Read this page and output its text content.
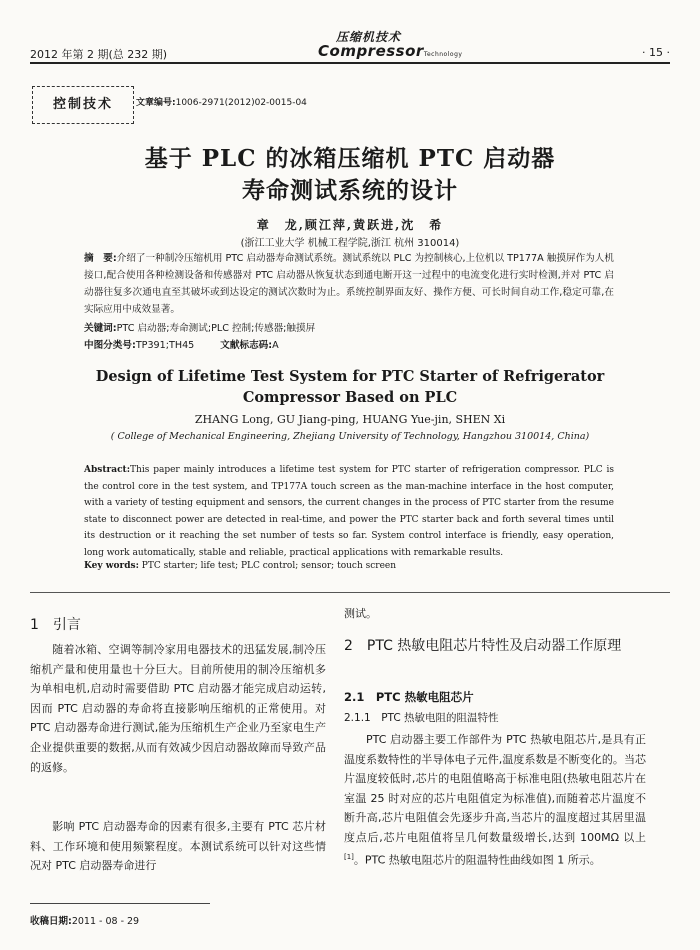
2012 年第 2 期(总 232 期)
压缩机技术
CompressorTechnology	· 15 ·
控制技术	文章编号:1006-2971(2012)02-0015-04
基于 PLC 的冰箱压缩机 PTC 启动器
寿命测试系统的设计
章　龙,顾江萍,黄跃进,沈　希
(浙江工业大学 机械工程学院,浙江 杭州 310014)
摘　要:介绍了一种制冷压缩机用 PTC 启动器寿命测试系统。测试系统以 PLC 为控制核心,上位机以 TP177A 触摸屏作为人机接口,配合使用各种检测设备和传感器对 PTC 启动器从恢复状态到通电断开这一过程中的电流变化进行实时检测,并对 PTC 启动器往复多次通电直至其破坏或到达设定的测试次数时为止。系统控制界面友好、操作方便、可长时间自动工作,稳定可靠,在实际应用中成效显著。
关键词:PTC 启动器;寿命测试;PLC 控制;传感器;触摸屏
中图分类号:TP391;TH45	文献标志码:A
Design of Lifetime Test System for PTC Starter of Refrigerator
Compressor Based on PLC
ZHANG Long, GU Jiang-ping, HUANG Yue-jin, SHEN Xi
( College of Mechanical Engineering, Zhejiang University of Technology, Hangzhou 310014, China)
Abstract:This paper mainly introduces a lifetime test system for PTC starter of refrigeration compressor. PLC is the control core in the test system, and TP177A touch screen as the man-machine interface in the host computer, with a variety of testing equipment and sensors, the current changes in the process of PTC starter from the resume state to disconnect power are detected in real-time, and power the PTC starter back and forth several times until its destruction or it reaching the set number of tests so far. System control interface is friendly, easy operation, long work automatically, stable and reliable, practical applications with remarkable results.
Key words: PTC starter; life test; PLC control; sensor; touch screen
1　引言
随着冰箱、空调等制冷家用电器技术的迅猛发展,制冷压缩机产量和使用量也十分巨大。目前所使用的制冷压缩机多为单相电机,启动时需要借助 PTC 启动器才能完成启动运转,因而 PTC 启动器的寿命将直接影响压缩机的正常使用。对 PTC 启动器寿命进行测试,能为压缩机生产企业乃至家电生产企业提供重要的数据,从而有效减少因启动器故障而导致产品的返修。
影响 PTC 启动器寿命的因素有很多,主要有 PTC 芯片材料、工作环境和使用频繁程度。本测试系统可以针对这些情况对 PTC 启动器寿命进行
测试。
2　PTC 热敏电阻芯片特性及启动器工作原理
2.1　PTC 热敏电阻芯片
2.1.1　PTC 热敏电阻的阻温特性
PTC 启动器主要工作部件为 PTC 热敏电阻芯片,是具有正温度系数特性的半导体电子元件,温度系数是不断变化的。当芯片温度较低时,芯片的电阻值略高于标准电阻(热敏电阻芯片在室温 25 时对应的芯片电阻值定为标准值),而随着芯片温度不断升高,芯片电阻值会先逐步升高,当芯片的温度超过其居里温度点后,芯片电阻值将呈几何数量级增长,达到 100MΩ 以上[1]。PTC 热敏电阻芯片的阻温特性曲线如图 1 所示。
收稿日期:2011 - 08 - 29
